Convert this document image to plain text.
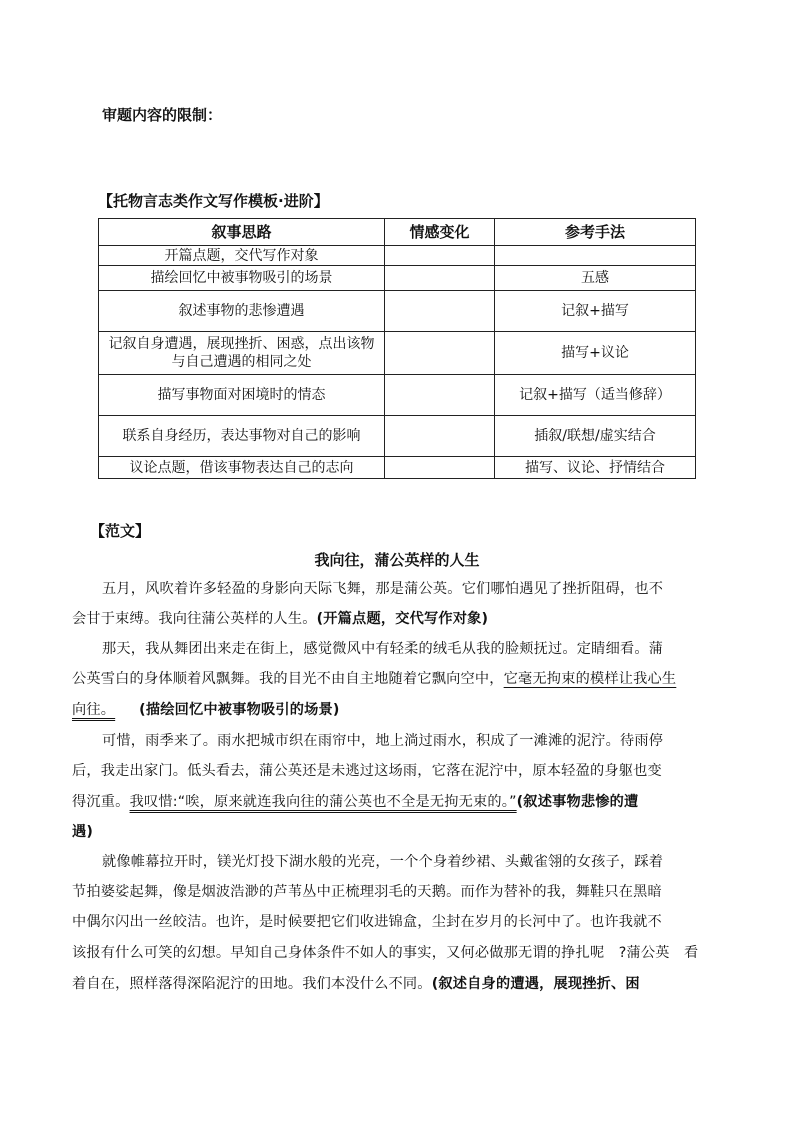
审题内容的限制：
【托物言志类作文写作模板·进阶】
叙事思路	情感变化	参考手法
开篇点题，交代写作对象		
描绘回忆中被事物吸引的场景		五感
叙述事物的悲惨遭遇		记叙+描写
记叙自身遭遇，展现挫折、困惑，点出该物与自己遭遇的相同之处		描写+议论
描写事物面对困境时的情态		记叙+描写（适当修辞）
联系自身经历，表达事物对自己的影响		插叙/联想/虚实结合
议论点题，借该事物表达自己的志向		描写、议论、抒情结合
【范文】
我向往，蒲公英样的人生
五月，风吹着许多轻盈的身影向天际飞舞，那是蒲公英。它们哪怕遇见了挫折阻碍，也不
会甘于束缚。我向往蒲公英样的人生。(开篇点题，交代写作对象)
那天，我从舞团出来走在街上，感觉微风中有轻柔的绒毛从我的脸颊抚过。定睛细看。蒲
公英雪白的身体顺着风飘舞。我的目光不由自主地随着它飘向空中，它毫无拘束的模样让我心生
向往。 (描绘回忆中被事物吸引的场景)
可惜，雨季来了。雨水把城市织在雨帘中，地上淌过雨水，积成了一滩滩的泥泞。待雨停
后，我走出家门。低头看去，蒲公英还是未逃过这场雨，它落在泥泞中，原本轻盈的身躯也变
得沉重。我叹惜:“唉，原来就连我向往的蒲公英也不全是无拘无束的。”(叙述事物悲惨的遭
遇)
就像帷幕拉开时，镁光灯投下湖水般的光亮，一个个身着纱裙、头戴雀翎的女孩子，踩着
节拍婆娑起舞，像是烟波浩渺的芦苇丛中正梳理羽毛的天鹅。而作为替补的我，舞鞋只在黑暗
中偶尔闪出一丝皎洁。也许，是时候要把它们收进锦盒，尘封在岁月的长河中了。也许我就不
该报有什么可笑的幻想。早知自己身体条件不如人的事实，又何必做那无谓的挣扎呢　?蒲公英　看
着自在，照样落得深陷泥泞的田地。我们本没什么不同。(叙述自身的遭遇，展现挫折、困
